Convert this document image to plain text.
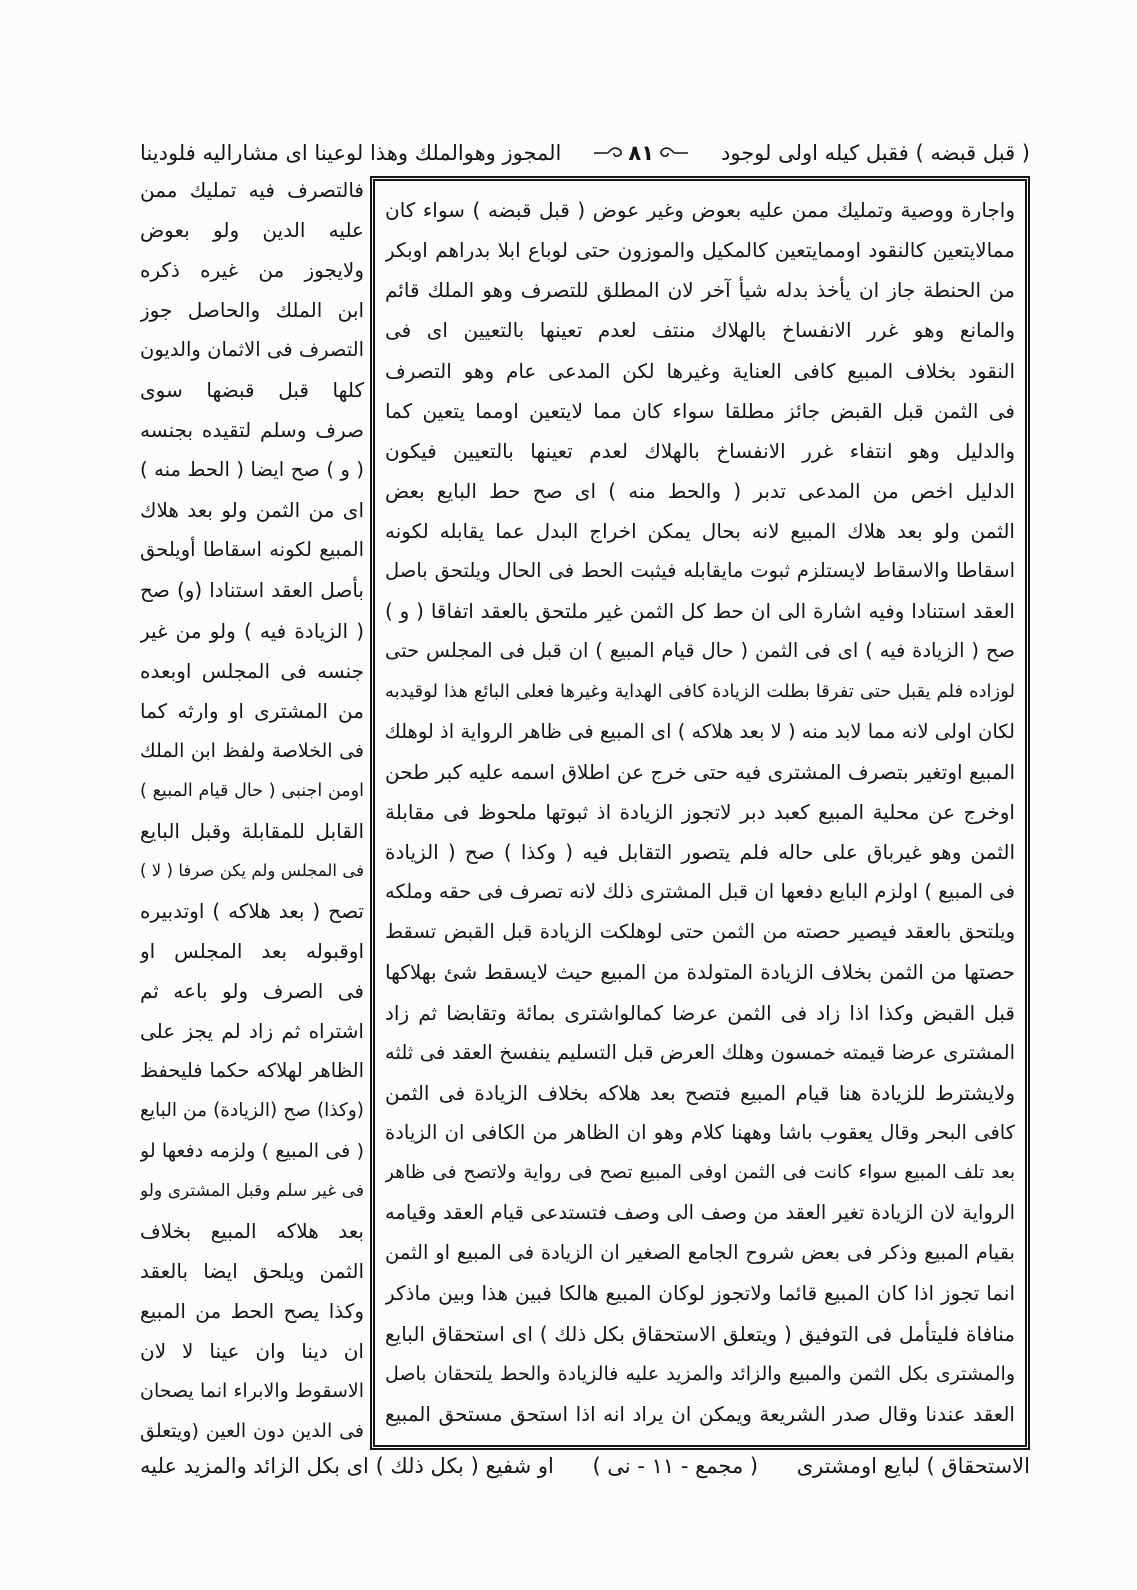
( قبل قبضه ) فقبل كيله اولى لوجود
٨١
المجوز وهوالملك وهذا لوعينا اى مشاراليه فلودينا
فالتصرف فيه تمليك ممن
عليه الدين ولو بعوض
ولايجوز من غيره ذكره
ابن الملك والحاصل جوز
التصرف فى الاثمان والديون
كلها قبل قبضها سوى
صرف وسلم لتقيده بجنسه
( و ) صح ايضا ( الحط منه )
اى من الثمن ولو بعد هلاك
المبيع لكونه اسقاطا أويلحق
بأصل العقد استنادا (و) صح
( الزيادة فيه ) ولو من غير
جنسه فى المجلس اوبعده
من المشترى او وارثه كما
فى الخلاصة ولفظ ابن الملك
اومن اجنبى ( حال قيام المبيع )
القابل للمقابلة وقبل البايع
فى المجلس ولم يكن صرفا ( لا )
تصح ( بعد هلاكه ) اوتدبيره
اوقبوله بعد المجلس او
فى الصرف ولو باعه ثم
اشتراه ثم زاد لم يجز على
الظاهر لهلاكه حكما فليحفظ
(وكذا) صح (الزيادة) من البايع
( فى المبيع ) ولزمه دفعها لو
فى غير سلم وقبل المشترى ولو
بعد هلاكه المبيع بخلاف
الثمن ويلحق ايضا بالعقد
وكذا يصح الحط من المبيع
ان دينا وان عينا لا لان
الاسقوط والابراء انما يصحان
فى الدين دون العين (ويتعلق
واجارة ووصية وتمليك ممن عليه بعوض وغير عوض ( قبل قبضه ) سواء كان
ممالايتعين كالنقود اوممايتعين كالمكيل والموزون حتى لوباع ابلا بدراهم اوبكر
من الحنطة جاز ان يأخذ بدله شيأ آخر لان المطلق للتصرف وهو الملك قائم
والمانع وهو غرر الانفساخ بالهلاك منتف لعدم تعينها بالتعيين اى فى
النقود بخلاف المبيع كافى العناية وغيرها لكن المدعى عام وهو التصرف
فى الثمن قبل القبض جائز مطلقا سواء كان مما لايتعين اومما يتعين كما
والدليل وهو انتفاء غرر الانفساخ بالهلاك لعدم تعينها بالتعيين فيكون
الدليل اخص من المدعى تدبر ( والحط منه ) اى صح حط البايع بعض
الثمن ولو بعد هلاك المبيع لانه بحال يمكن اخراج البدل عما يقابله لكونه
اسقاطا والاسقاط لايستلزم ثبوت مايقابله فيثبت الحط فى الحال ويلتحق باصل
العقد استنادا وفيه اشارة الى ان حط كل الثمن غير ملتحق بالعقد اتفاقا ( و )
صح ( الزيادة فيه ) اى فى الثمن ( حال قيام المبيع ) ان قبل فى المجلس حتى
لوزاده فلم يقبل حتى تفرقا بطلت الزيادة كافى الهداية وغيرها فعلى البائع هذا لوقيدبه
لكان اولى لانه مما لابد منه ( لا بعد هلاكه ) اى المبيع فى ظاهر الرواية اذ لوهلك
المبيع اوتغير بتصرف المشترى فيه حتى خرج عن اطلاق اسمه عليه كبر طحن
اوخرج عن محلية المبيع كعبد دبر لاتجوز الزيادة اذ ثبوتها ملحوظ فى مقابلة
الثمن وهو غيرباق على حاله فلم يتصور التقابل فيه ( وكذا ) صح ( الزيادة
فى المبيع ) اولزم البايع دفعها ان قبل المشترى ذلك لانه تصرف فى حقه وملكه
ويلتحق بالعقد فيصير حصته من الثمن حتى لوهلكت الزيادة قبل القبض تسقط
حصتها من الثمن بخلاف الزيادة المتولدة من المبيع حيث لايسقط شئ بهلاكها
قبل القبض وكذا اذا زاد فى الثمن عرضا كمالواشترى بمائة وتقابضا ثم زاد
المشترى عرضا قيمته خمسون وهلك العرض قبل التسليم ينفسخ العقد فى ثلثه
ولايشترط للزيادة هنا قيام المبيع فتصح بعد هلاكه بخلاف الزيادة فى الثمن
كافى البحر وقال يعقوب باشا وههنا كلام وهو ان الظاهر من الكافى ان الزيادة
بعد تلف المبيع سواء كانت فى الثمن اوفى المبيع تصح فى رواية ولاتصح فى ظاهر
الرواية لان الزيادة تغير العقد من وصف الى وصف فتستدعى قيام العقد وقيامه
بقيام المبيع وذكر فى بعض شروح الجامع الصغير ان الزيادة فى المبيع او الثمن
انما تجوز اذا كان المبيع قائما ولاتجوز لوكان المبيع هالكا فبين هذا وبين ماذكر
منافاة فليتأمل فى التوفيق ( ويتعلق الاستحقاق بكل ذلك ) اى استحقاق البايع
والمشترى بكل الثمن والمبيع والزائد والمزيد عليه فالزيادة والحط يلتحقان باصل
العقد عندنا وقال صدر الشريعة ويمكن ان يراد انه اذا استحق مستحق المبيع
الاستحقاق ) لبايع اومشترى
( مجمع - ١١ - نى )
او شفيع ( بكل ذلك ) اى بكل الزائد والمزيد عليه
